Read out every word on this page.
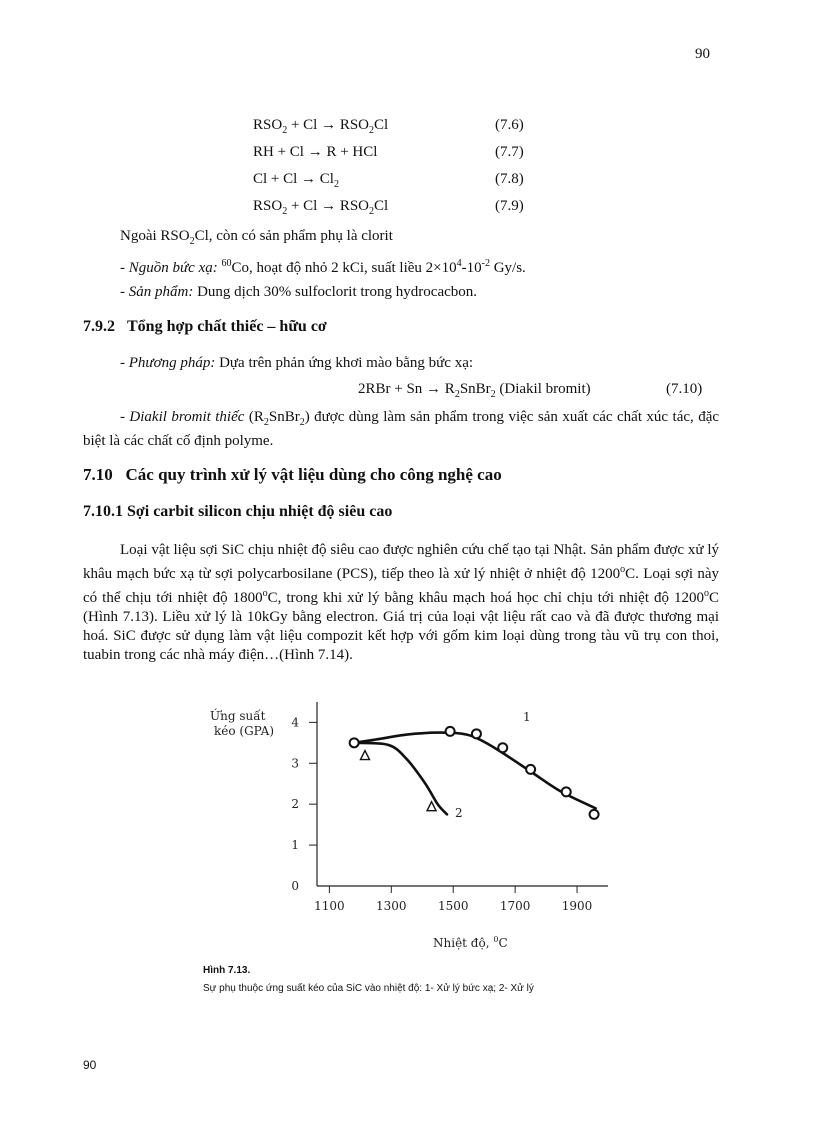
90
$RSO_2 + Cl \to RSO_2Cl$	(7.6)
RH + Cl → R + HCl	(7.7)
$Cl + Cl \to Cl_2$	(7.8)
$RSO_2 + Cl \to RSO_2Cl$	(7.9)
Ngoài $RSO_2Cl$, còn có sản phẩm phụ là clorit
- Nguồn bức xạ: $^{60}$Co, hoạt độ nhỏ 2 kCi, suất liều $2\times 10^4-10^{-2}$ Gy/s.
- Sản phẩm: Dung dịch 30% sulfoclorit trong hydrocacbon.
7.9.2 Tổng hợp chất thiếc – hữu cơ
- Phương pháp: Dựa trên phản ứng khơi mào bằng bức xạ:
$2RBr + Sn \to R_2SnBr_2$ (Diakil bromit)	(7.10)
- Diakil bromit thiếc $(R_2SnBr_2)$ được dùng làm sản phẩm trong việc sản xuất các chất xúc tác, đặc biệt là các chất cố định polyme.
7.10 Các quy trình xử lý vật liệu dùng cho công nghệ cao
7.10.1 Sợi carbit silicon chịu nhiệt độ siêu cao
Loại vật liệu sợi SiC chịu nhiệt độ siêu cao được nghiên cứu chế tạo tại Nhật. Sản phẩm được xử lý khâu mạch bức xạ từ sợi polycarbosilane (PCS), tiếp theo là xử lý nhiệt ở nhiệt độ 1200$^o$C. Loại sợi này có thể chịu tới nhiệt độ 1800$^o$C, trong khi xử lý bằng khâu mạch hoá học chỉ chịu tới nhiệt độ 1200$^o$C (Hình 7.13). Liều xử lý là 10kGy bằng electron. Giá trị của loại vật liệu rất cao và đã được thương mại hoá. SiC được sử dụng làm vật liệu compozit kết hợp với gốm kim loại dùng trong tàu vũ trụ con thoi, tuabin trong các nhà máy điện…(Hình 7.14).
1100	1300	1500	1700	1900
0
1
2
3
4
Ứng suất
kéo (GPA)
Nhiệt độ, $^0$C
1
2
Hình 7.13.
Sự phụ thuộc ứng suất kéo của SiC vào nhiệt độ: 1- Xử lý bức xạ; 2- Xử lý
90
